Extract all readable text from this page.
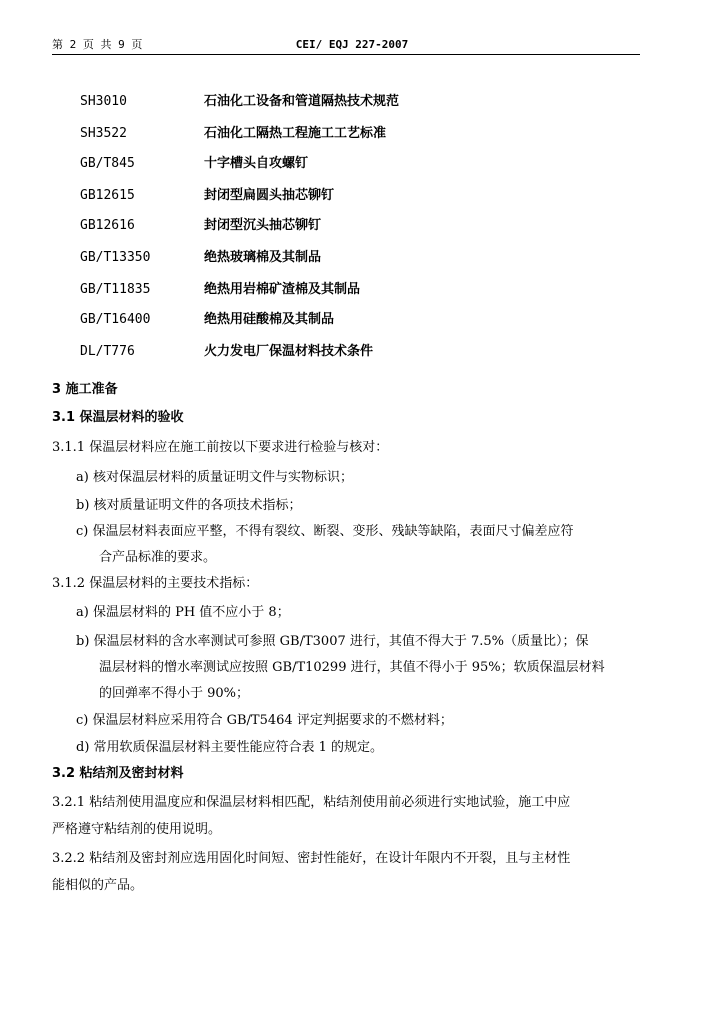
第 2 页 共 9 页	CEI/ EQJ 227-2007
SH3010	石油化工设备和管道隔热技术规范
SH3522	石油化工隔热工程施工工艺标准
GB/T845	十字槽头自攻螺钉
GB12615	封闭型扁圆头抽芯铆钉
GB12616	封闭型沉头抽芯铆钉
GB/T13350	绝热玻璃棉及其制品
GB/T11835	绝热用岩棉矿渣棉及其制品
GB/T16400	绝热用硅酸棉及其制品
DL/T776	火力发电厂保温材料技术条件
3 施工准备
3.1 保温层材料的验收
3.1.1 保温层材料应在施工前按以下要求进行检验与核对：
a) 核对保温层材料的质量证明文件与实物标识；
b) 核对质量证明文件的各项技术指标；
c) 保温层材料表面应平整，不得有裂纹、断裂、变形、残缺等缺陷，表面尺寸偏差应符
合产品标准的要求。
3.1.2 保温层材料的主要技术指标：
a) 保温层材料的 PH 值不应小于 8；
b) 保温层材料的含水率测试可参照 GB/T3007 进行，其值不得大于 7.5%（质量比）；保
温层材料的憎水率测试应按照 GB/T10299 进行，其值不得小于 95%；软质保温层材料
的回弹率不得小于 90%；
c) 保温层材料应采用符合 GB/T5464 评定判据要求的不燃材料；
d) 常用软质保温层材料主要性能应符合表 1 的规定。
3.2 粘结剂及密封材料
3.2.1 粘结剂使用温度应和保温层材料相匹配，粘结剂使用前必须进行实地试验，施工中应
严格遵守粘结剂的使用说明。
3.2.2 粘结剂及密封剂应选用固化时间短、密封性能好，在设计年限内不开裂，且与主材性
能相似的产品。
